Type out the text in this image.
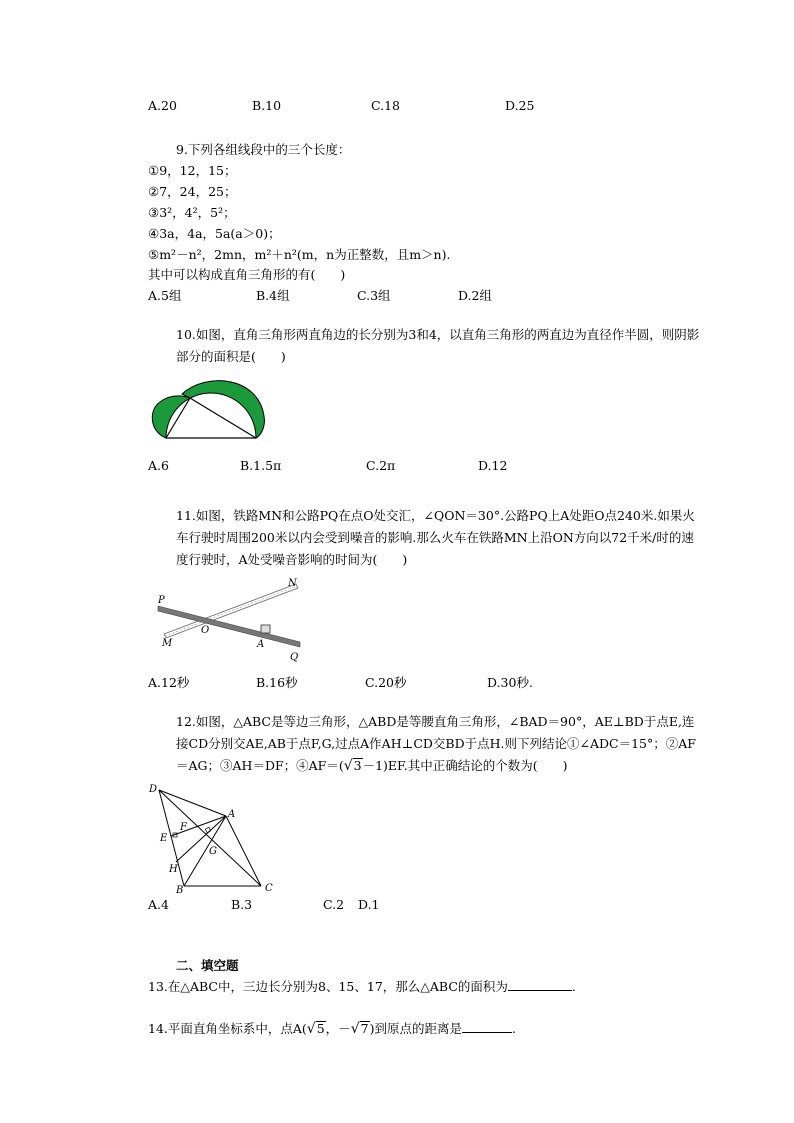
A.20	B.10	C.18	D.25
9.下列各组线段中的三个长度：
①9，12，15；
②7，24，25；
③3²，4²，5²；
④3a，4a，5a(a＞0)；
⑤m²－n²，2mn，m²＋n²(m，n为正整数，且m＞n).
其中可以构成直角三角形的有(　　)
A.5组	B.4组	C.3组	D.2组
10.如图，直角三角形两直角边的长分别为3和4，以直角三角形的两直边为直径作半圆，则阴影部分的面积是(　　)
A.6	B.1.5π	C.2π	D.12
11.如图，铁路MN和公路PQ在点O处交汇，∠QON＝30°.公路PQ上A处距O点240米.如果火车行驶时周围200米以内会受到噪音的影响.那么火车在铁路MN上沿ON方向以72千米/时的速度行驶时，A处受噪音影响的时间为(　　)
P
N
M
O
A
Q
A.12秒	B.16秒	C.20秒	D.30秒.
12.如图，△ABC是等边三角形，△ABD是等腰直角三角形，∠BAD＝90°，AE⊥BD于点E,连接CD分别交AE,AB于点F,G,过点A作AH⊥CD交BD于点H.则下列结论①∠ADC＝15°；②AF＝AG；③AH＝DF；④AF＝(√3－1)EF.其中正确结论的个数为(　　)
D
A
F
E
G
H
B	C
A.4	B.3	C.2 D.1
二、填空题
13.在△ABC中，三边长分别为8、15、17，那么△ABC的面积为	.
14.平面直角坐标系中，点A(√5，－√7)到原点的距离是	.
